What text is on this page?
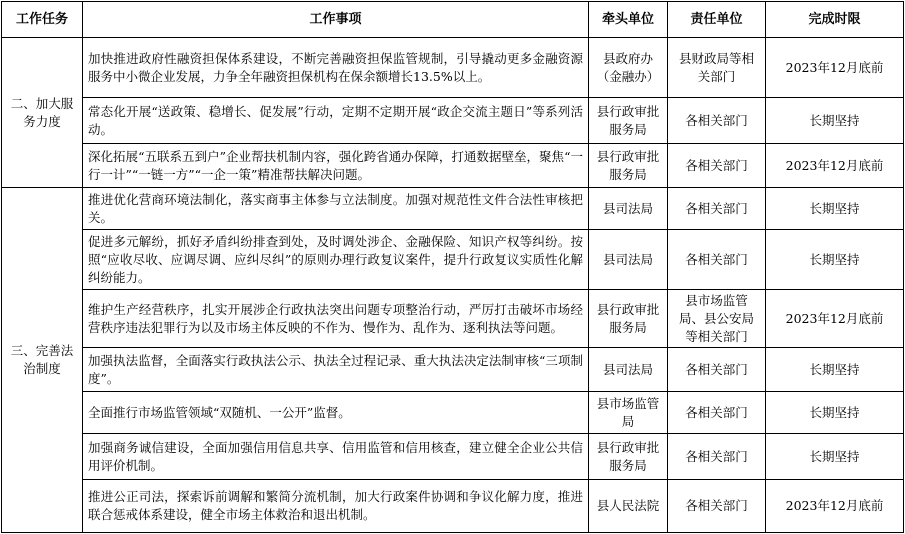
工作任务	工作事项	牵头单位	责任单位	完成时限
二、加大服务力度	加快推进政府性融资担保体系建设，不断完善融资担保监管规制，引导撬动更多金融资源服务中小微企业发展，力争全年融资担保机构在保余额增长13.5%以上。	县政府办（金融办）	县财政局等相关部门	2023年12月底前
	常态化开展“送政策、稳增长、促发展”行动，定期不定期开展“政企交流主题日”等系列活动。	县行政审批服务局	各相关部门	长期坚持
	深化拓展“五联系五到户”企业帮扶机制内容，强化跨省通办保障，打通数据壁垒，聚焦“一行一计”“一链一方”“一企一策”精准帮扶解决问题。	县行政审批服务局	各相关部门	2023年12月底前
三、完善法治制度	推进优化营商环境法制化，落实商事主体参与立法制度。加强对规范性文件合法性审核把关。	县司法局	各相关部门	长期坚持
	促进多元解纷，抓好矛盾纠纷排查到处，及时调处涉企、金融保险、知识产权等纠纷。按照“应收尽收、应调尽调、应纠尽纠”的原则办理行政复议案件，提升行政复议实质性化解纠纷能力。	县司法局	各相关部门	长期坚持
	维护生产经营秩序，扎实开展涉企行政执法突出问题专项整治行动，严厉打击破坏市场经营秩序违法犯罪行为以及市场主体反映的不作为、慢作为、乱作为、逐利执法等问题。	县行政审批服务局	县市场监管局、县公安局等相关部门	2023年12月底前
	加强执法监督，全面落实行政执法公示、执法全过程记录、重大执法决定法制审核“三项制度”。	县司法局	各相关部门	长期坚持
	全面推行市场监管领域“双随机、一公开”监督。	县市场监管局	各相关部门	长期坚持
	加强商务诚信建设，全面加强信用信息共享、信用监管和信用核查，建立健全企业公共信用评价机制。	县行政审批服务局	各相关部门	长期坚持
	推进公正司法，探索诉前调解和繁简分流机制，加大行政案件协调和争议化解力度，推进联合惩戒体系建设，健全市场主体救治和退出机制。	县人民法院	各相关部门	2023年12月底前
